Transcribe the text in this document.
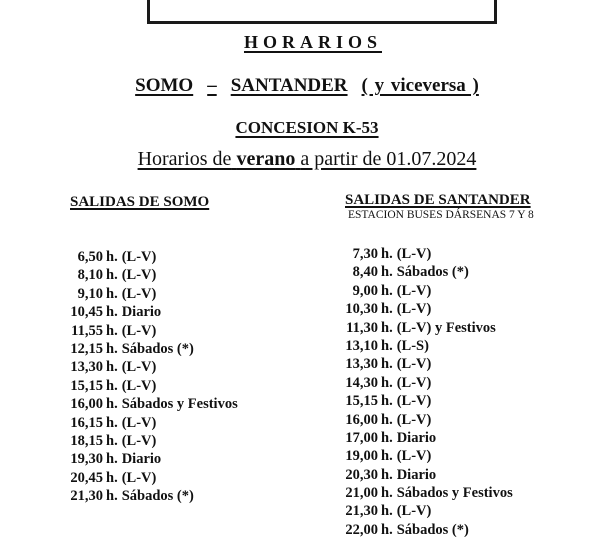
HORARIOS
SOMO – SANTANDER ( y viceversa )
CONCESION K-53
Horarios de verano a partir de 01.07.2024
SALIDAS DE SOMO	SALIDAS DE SANTANDER
ESTACION BUSES DÁRSENAS 7 Y 8
6,50 h. (L-V)
8,10 h. (L-V)
9,10 h. (L-V)
10,45 h. Diario
11,55 h. (L-V)
12,15 h. Sábados (*)
13,30 h. (L-V)
15,15 h. (L-V)
16,00 h. Sábados y Festivos
16,15 h. (L-V)
18,15 h. (L-V)
19,30 h. Diario
20,45 h. (L-V)
21,30 h. Sábados (*)
7,30 h. (L-V)
8,40 h. Sábados (*)
9,00 h. (L-V)
10,30 h. (L-V)
11,30 h. (L-V) y Festivos
13,10 h. (L-S)
13,30 h. (L-V)
14,30 h. (L-V)
15,15 h. (L-V)
16,00 h. (L-V)
17,00 h. Diario
19,00 h. (L-V)
20,30 h. Diario
21,00 h. Sábados y Festivos
21,30 h. (L-V)
22,00 h. Sábados (*)
